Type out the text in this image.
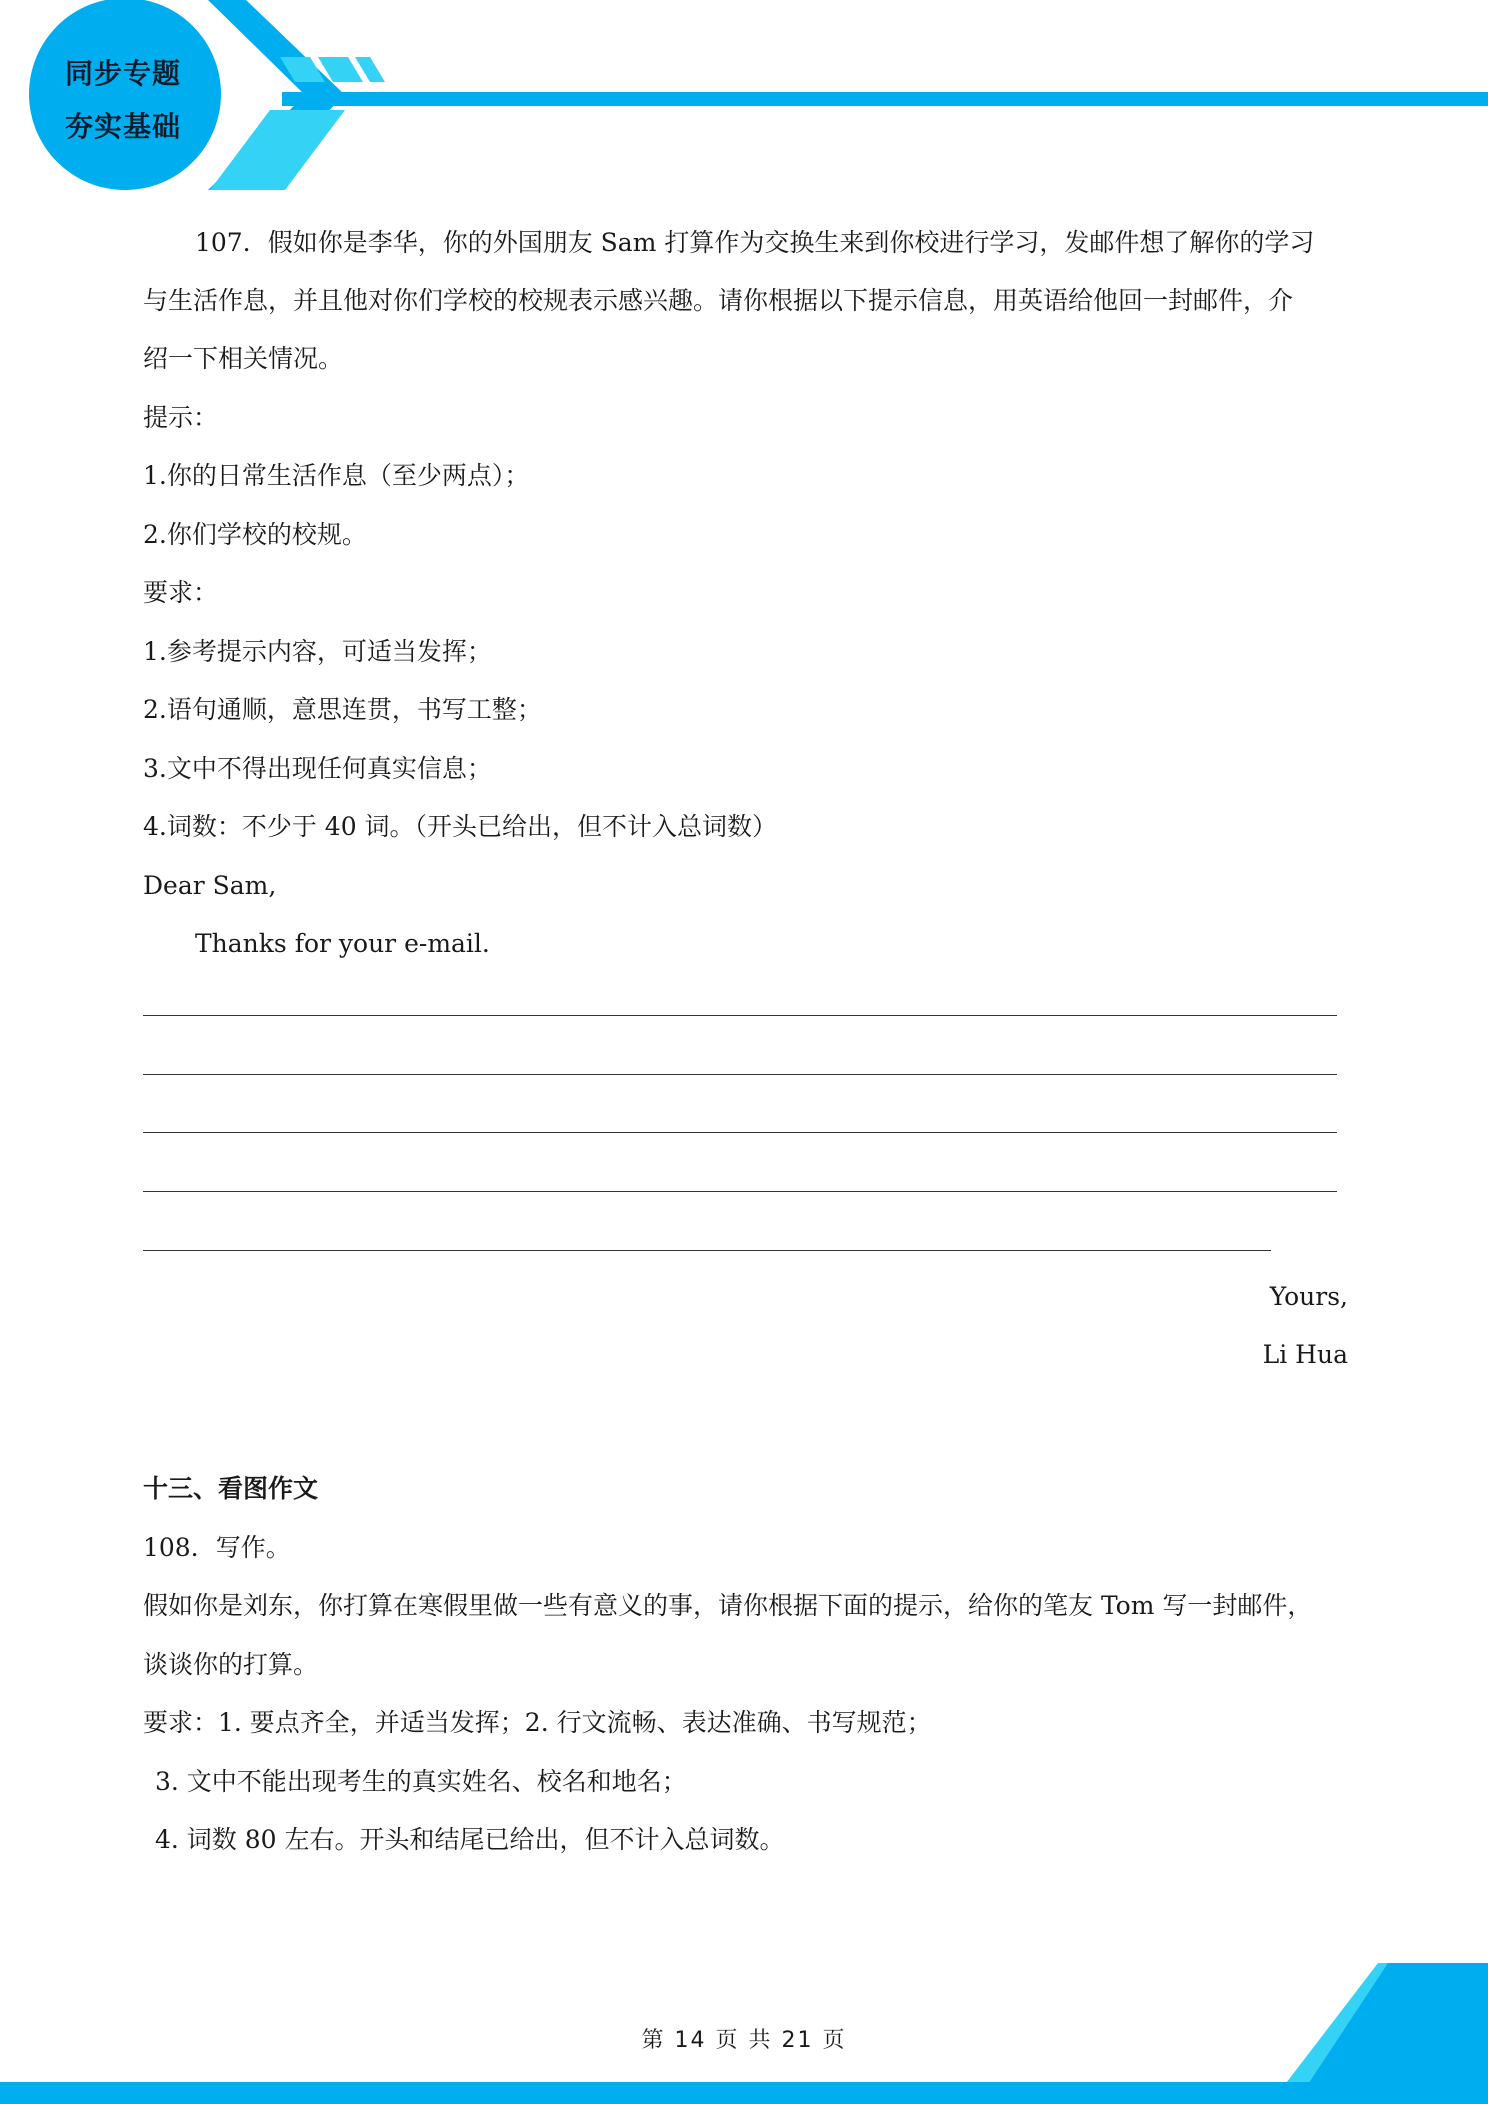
同步专题
夯实基础
107．假如你是李华，你的外国朋友 Sam 打算作为交换生来到你校进行学习，发邮件想了解你的学习
与生活作息，并且他对你们学校的校规表示感兴趣。请你根据以下提示信息，用英语给他回一封邮件，介
绍一下相关情况。
提示：
1.你的日常生活作息（至少两点）；
2.你们学校的校规。
要求：
1.参考提示内容，可适当发挥；
2.语句通顺，意思连贯，书写工整；
3.文中不得出现任何真实信息；
4.词数：不少于 40 词。（开头已给出，但不计入总词数）
Dear Sam,
Thanks for your e-mail.
Yours,
Li Hua
十三、看图作文
108．写作。
假如你是刘东，你打算在寒假里做一些有意义的事，请你根据下面的提示，给你的笔友 Tom 写一封邮件，
谈谈你的打算。
要求：1. 要点齐全，并适当发挥；2. 行文流畅、表达准确、书写规范；
3. 文中不能出现考生的真实姓名、校名和地名；
4. 词数 80 左右。开头和结尾已给出，但不计入总词数。
第 14 页 共 21 页
